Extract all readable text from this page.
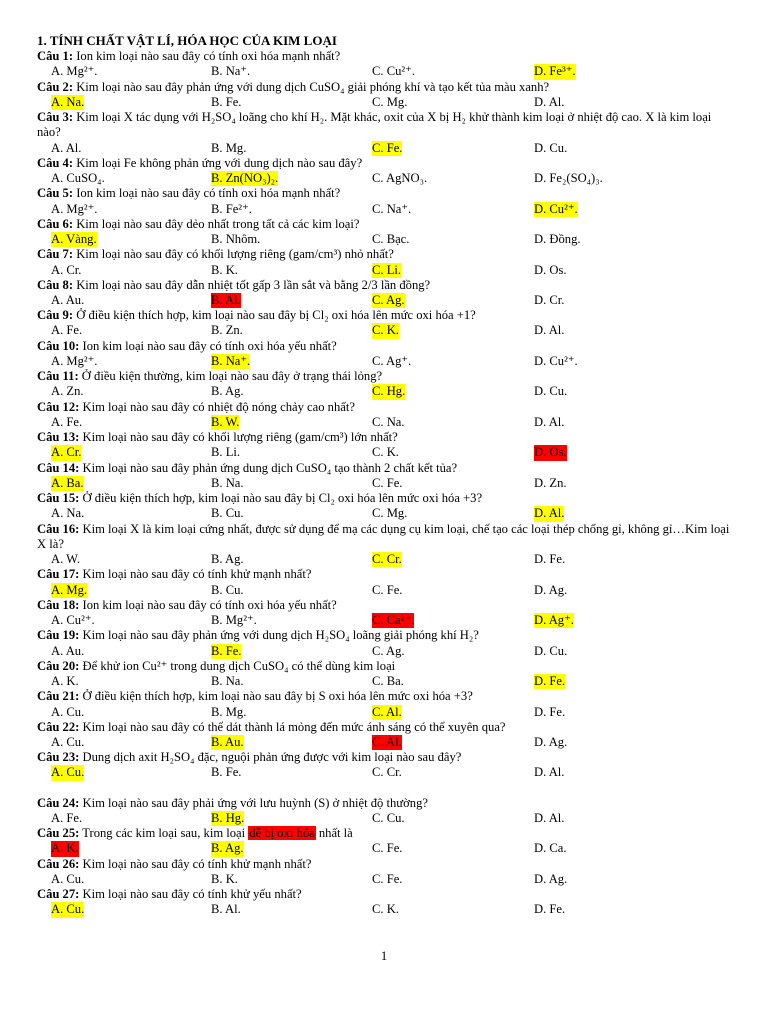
1. TÍNH CHẤT VẬT LÍ, HÓA HỌC CỦA KIM LOẠI
Câu 1: Ion kim loại nào sau đây có tính oxi hóa mạnh nhất?
A. Mg²⁺.	B. Na⁺.	C. Cu²⁺.	D. Fe³⁺.
Câu 2: Kim loại nào sau đây phản ứng với dung dịch CuSO₄ giải phóng khí và tạo kết tủa màu xanh?
A. Na.	B. Fe.	C. Mg.	D. Al.
Câu 3: Kim loại X tác dụng với H₂SO₄ loãng cho khí H₂. Mặt khác, oxit của X bị H₂ khử thành kim loại ở nhiệt độ cao. X là kim loại nào?
A. Al.	B. Mg.	C. Fe.	D. Cu.
Câu 4: Kim loại Fe không phản ứng với dung dịch nào sau đây?
A. CuSO₄.	B. Zn(NO₃)₂.	C. AgNO₃.	D. Fe₂(SO₄)₃.
Câu 5: Ion kim loại nào sau đây có tính oxi hóa mạnh nhất?
A. Mg²⁺.	B. Fe²⁺.	C. Na⁺.	D. Cu²⁺.
Câu 6: Kim loại nào sau đây dẻo nhất trong tất cả các kim loại?
A. Vàng.	B. Nhôm.	C. Bạc.	D. Đồng.
Câu 7: Kim loại nào sau đây có khối lượng riêng (gam/cm³) nhỏ nhất?
A. Cr.	B. K.	C. Li.	D. Os.
Câu 8: Kim loại nào sau đây dẫn nhiệt tốt gấp 3 lần sắt và bằng 2/3 lần đồng?
A. Au.	B. Al.	C. Ag.	D. Cr.
Câu 9: Ở điều kiện thích hợp, kim loại nào sau đây bị Cl₂ oxi hóa lên mức oxi hóa +1?
A. Fe.	B. Zn.	C. K.	D. Al.
Câu 10: Ion kim loại nào sau đây có tính oxi hóa yếu nhất?
A. Mg²⁺.	B. Na⁺.	C. Ag⁺.	D. Cu²⁺.
Câu 11: Ở điều kiện thường, kim loại nào sau đây ở trạng thái lỏng?
A. Zn.	B. Ag.	C. Hg.	D. Cu.
Câu 12: Kim loại nào sau đây có nhiệt độ nóng chảy cao nhất?
A. Fe.	B. W.	C. Na.	D. Al.
Câu 13: Kim loại nào sau đây có khối lượng riêng (gam/cm³) lớn nhất?
A. Cr.	B. Li.	C. K.	D. Os.
Câu 14: Kim loại nào sau đây phản ứng dung dịch CuSO₄ tạo thành 2 chất kết tủa?
A. Ba.	B. Na.	C. Fe.	D. Zn.
Câu 15: Ở điều kiện thích hợp, kim loại nào sau đây bị Cl₂ oxi hóa lên mức oxi hóa +3?
A. Na.	B. Cu.	C. Mg.	D. Al.
Câu 16: Kim loại X là kim loại cứng nhất, được sử dụng để mạ các dụng cụ kim loại, chế tạo các loại thép chống gỉ, không gỉ…Kim loại X là?
A. W.	B. Ag.	C. Cr.	D. Fe.
Câu 17: Kim loại nào sau đây có tính khử mạnh nhất?
A. Mg.	B. Cu.	C. Fe.	D. Ag.
Câu 18: Ion kim loại nào sau đây có tính oxi hóa yếu nhất?
A. Cu²⁺.	B. Mg²⁺.	C. Ca²⁺.	D. Ag⁺.
Câu 19: Kim loại nào sau đây phản ứng với dung dịch H₂SO₄ loãng giải phóng khí H₂?
A. Au.	B. Fe.	C. Ag.	D. Cu.
Câu 20: Để khử ion Cu²⁺ trong dung dịch CuSO₄ có thể dùng kim loại
A. K.	B. Na.	C. Ba.	D. Fe.
Câu 21: Ở điều kiện thích hợp, kim loại nào sau đây bị S oxi hóa lên mức oxi hóa +3?
A. Cu.	B. Mg.	C. Al.	D. Fe.
Câu 22: Kim loại nào sau đây có thể dát thành lá mỏng đến mức ánh sáng có thể xuyên qua?
A. Cu.	B. Au.	C. Al.	D. Ag.
Câu 23: Dung dịch axit H₂SO₄ đặc, nguội phản ứng được với kim loại nào sau đây?
A. Cu.	B. Fe.	C. Cr.	D. Al.
Câu 24: Kim loại nào sau đây phải ứng với lưu huỳnh (S) ở nhiệt độ thường?
A. Fe.	B. Hg.	C. Cu.	D. Al.
Câu 25: Trong các kim loại sau, kim loại dễ bị oxi hóa nhất là
A. K.	B. Ag.	C. Fe.	D. Ca.
Câu 26: Kim loại nào sau đây có tính khử mạnh nhất?
A. Cu.	B. K.	C. Fe.	D. Ag.
Câu 27: Kim loại nào sau đây có tính khử yếu nhất?
A. Cu.	B. Al.	C. K.	D. Fe.
1
